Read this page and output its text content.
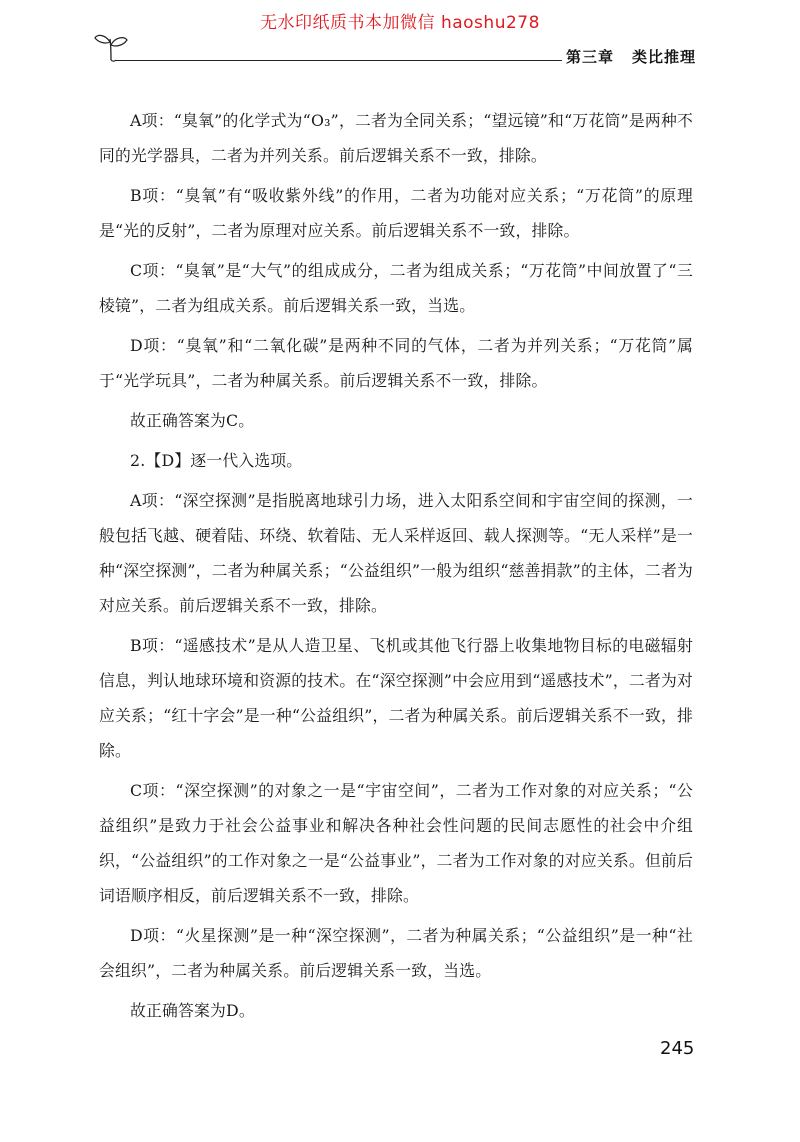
无水印纸质书本加微信 haoshu278
第三章 类比推理

A项：“臭氧”的化学式为“O₃”，二者为全同关系；“望远镜”和“万花筒”是两种不同的光学器具，二者为并列关系。前后逻辑关系不一致，排除。

B项：“臭氧”有“吸收紫外线”的作用，二者为功能对应关系；“万花筒”的原理是“光的反射”，二者为原理对应关系。前后逻辑关系不一致，排除。

C项：“臭氧”是“大气”的组成成分，二者为组成关系；“万花筒”中间放置了“三棱镜”，二者为组成关系。前后逻辑关系一致，当选。

D项：“臭氧”和“二氧化碳”是两种不同的气体，二者为并列关系；“万花筒”属于“光学玩具”，二者为种属关系。前后逻辑关系不一致，排除。

故正确答案为C。

2.【D】逐一代入选项。

A项：“深空探测”是指脱离地球引力场，进入太阳系空间和宇宙空间的探测，一般包括飞越、硬着陆、环绕、软着陆、无人采样返回、载人探测等。“无人采样”是一种“深空探测”，二者为种属关系；“公益组织”一般为组织“慈善捐款”的主体，二者为对应关系。前后逻辑关系不一致，排除。

B项：“遥感技术”是从人造卫星、飞机或其他飞行器上收集地物目标的电磁辐射信息，判认地球环境和资源的技术。在“深空探测”中会应用到“遥感技术”，二者为对应关系；“红十字会”是一种“公益组织”，二者为种属关系。前后逻辑关系不一致，排除。

C项：“深空探测”的对象之一是“宇宙空间”，二者为工作对象的对应关系；“公益组织”是致力于社会公益事业和解决各种社会性问题的民间志愿性的社会中介组织，“公益组织”的工作对象之一是“公益事业”，二者为工作对象的对应关系。但前后词语顺序相反，前后逻辑关系不一致，排除。

D项：“火星探测”是一种“深空探测”，二者为种属关系；“公益组织”是一种“社会组织”，二者为种属关系。前后逻辑关系一致，当选。

故正确答案为D。

245
